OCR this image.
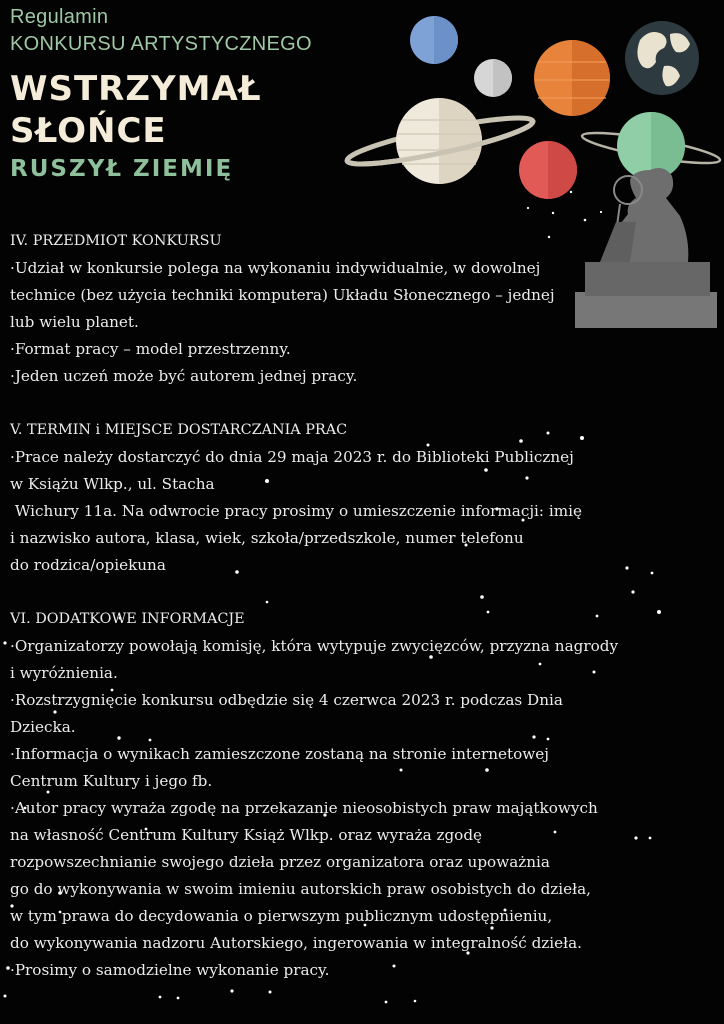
Regulamin
KONKURSU ARTYSTYCZNEGO
WSTRZYMAŁ
SŁOŃCE
RUSZYŁ ZIEMIĘ
IV. PRZEDMIOT KONKURSU
·Udział w konkursie polega na wykonaniu indywidualnie, w dowolnej
technice (bez użycia techniki komputera) Układu Słonecznego – jednej
lub wielu planet.
·Format pracy – model przestrzenny.
·Jeden uczeń może być autorem jednej pracy.
V. TERMIN i MIEJSCE DOSTARCZANIA PRAC
·Prace należy dostarczyć do dnia 29 maja 2023 r. do Biblioteki Publicznej
w Książu Wlkp., ul. Stacha
Wichury 11a. Na odwrocie pracy prosimy o umieszczenie informacji: imię
i nazwisko autora, klasa, wiek, szkoła/przedszkole, numer telefonu
do rodzica/opiekuna
VI. DODATKOWE INFORMACJE
·Organizatorzy powołają komisję, która wytypuje zwycięzców, przyzna nagrody
i wyróżnienia.
·Rozstrzygnięcie konkursu odbędzie się 4 czerwca 2023 r. podczas Dnia
Dziecka.
·Informacja o wynikach zamieszczone zostaną na stronie internetowej
Centrum Kultury i jego fb.
·Autor pracy wyraża zgodę na przekazanie nieosobistych praw majątkowych
na własność Centrum Kultury Książ Wlkp. oraz wyraża zgodę
rozpowszechnianie swojego dzieła przez organizatora oraz upoważnia
go do wykonywania w swoim imieniu autorskich praw osobistych do dzieła,
w tym prawa do decydowania o pierwszym publicznym udostępnieniu,
do wykonywania nadzoru Autorskiego, ingerowania w integralność dzieła.
·Prosimy o samodzielne wykonanie pracy.
